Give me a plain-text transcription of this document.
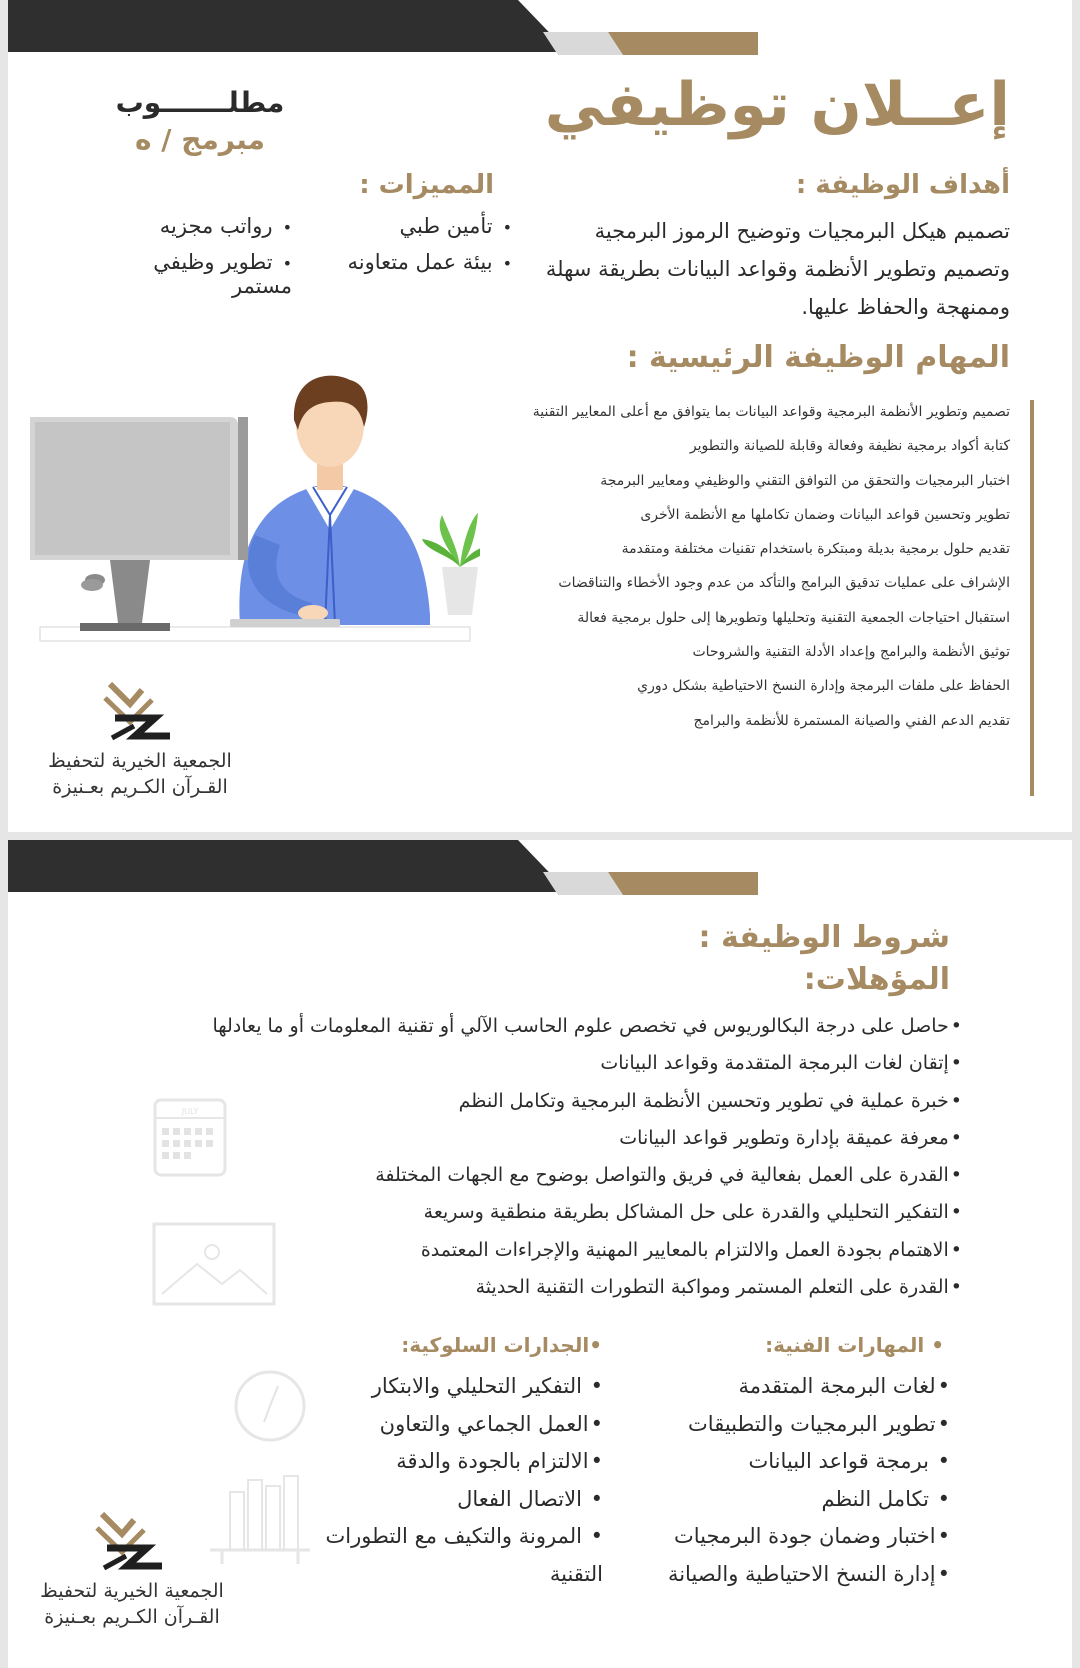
إعــلان توظيفي
مطلـــــــوب
مبرمج / ه
أهداف الوظيفة :

تصميم هيكل البرمجيات وتوضيح الرموز البرمجية وتصميم وتطوير الأنظمة وقواعد البيانات بطريقة سهلة وممنهجة والحفاظ عليها.

المميزات :
• تأمين طبي
• رواتب مجزيه
• بيئة عمل متعاونه
• تطوير وظيفي مستمر
المهام الوظيفة الرئيسية :
تصميم وتطوير الأنظمة البرمجية وقواعد البيانات بما يتوافق مع أعلى المعايير التقنية
كتابة أكواد برمجية نظيفة وفعالة وقابلة للصيانة والتطوير
اختبار البرمجيات والتحقق من التوافق التقني والوظيفي ومعايير البرمجة
تطوير وتحسين قواعد البيانات وضمان تكاملها مع الأنظمة الأخرى
تقديم حلول برمجية بديلة ومبتكرة باستخدام تقنيات مختلفة ومتقدمة
الإشراف على عمليات تدقيق البرامج والتأكد من عدم وجود الأخطاء والتناقضات
استقبال احتياجات الجمعية التقنية وتحليلها وتطويرها إلى حلول برمجية فعالة
توثيق الأنظمة والبرامج وإعداد الأدلة التقنية والشروحات
الحفاظ على ملفات البرمجة وإدارة النسخ الاحتياطية بشكل دوري
تقديم الدعم الفني والصيانة المستمرة للأنظمة والبرامج
الجمعية الخيرية لتحفيظ
القـرآن الكـريم بعـنيزة
شروط الوظيفة :
المؤهلات:
• حاصل على درجة البكالوريوس في تخصص علوم الحاسب الآلي أو تقنية المعلومات أو ما يعادلها
• إتقان لغات البرمجة المتقدمة وقواعد البيانات
• خبرة عملية في تطوير وتحسين الأنظمة البرمجية وتكامل النظم
• معرفة عميقة بإدارة وتطوير قواعد البيانات
• القدرة على العمل بفعالية في فريق والتواصل بوضوح مع الجهات المختلفة
• التفكير التحليلي والقدرة على حل المشاكل بطريقة منطقية وسريعة
• الاهتمام بجودة العمل والالتزام بالمعايير المهنية والإجراءات المعتمدة
• القدرة على التعلم المستمر ومواكبة التطورات التقنية الحديثة
• المهارات الفنية:
• لغات البرمجة المتقدمة
• تطوير البرمجيات والتطبيقات
• برمجة قواعد البيانات
• تكامل النظم
• اختبار وضمان جودة البرمجيات
• إدارة النسخ الاحتياطية والصيانة
•الجدارات السلوكية:
• التفكير التحليلي والابتكار
• العمل الجماعي والتعاون
• الالتزام بالجودة والدقة
• الاتصال الفعال
• المرونة والتكيف مع التطورات التقنية
JULY
الجمعية الخيرية لتحفيظ
القـرآن الكـريم بعـنيزة
